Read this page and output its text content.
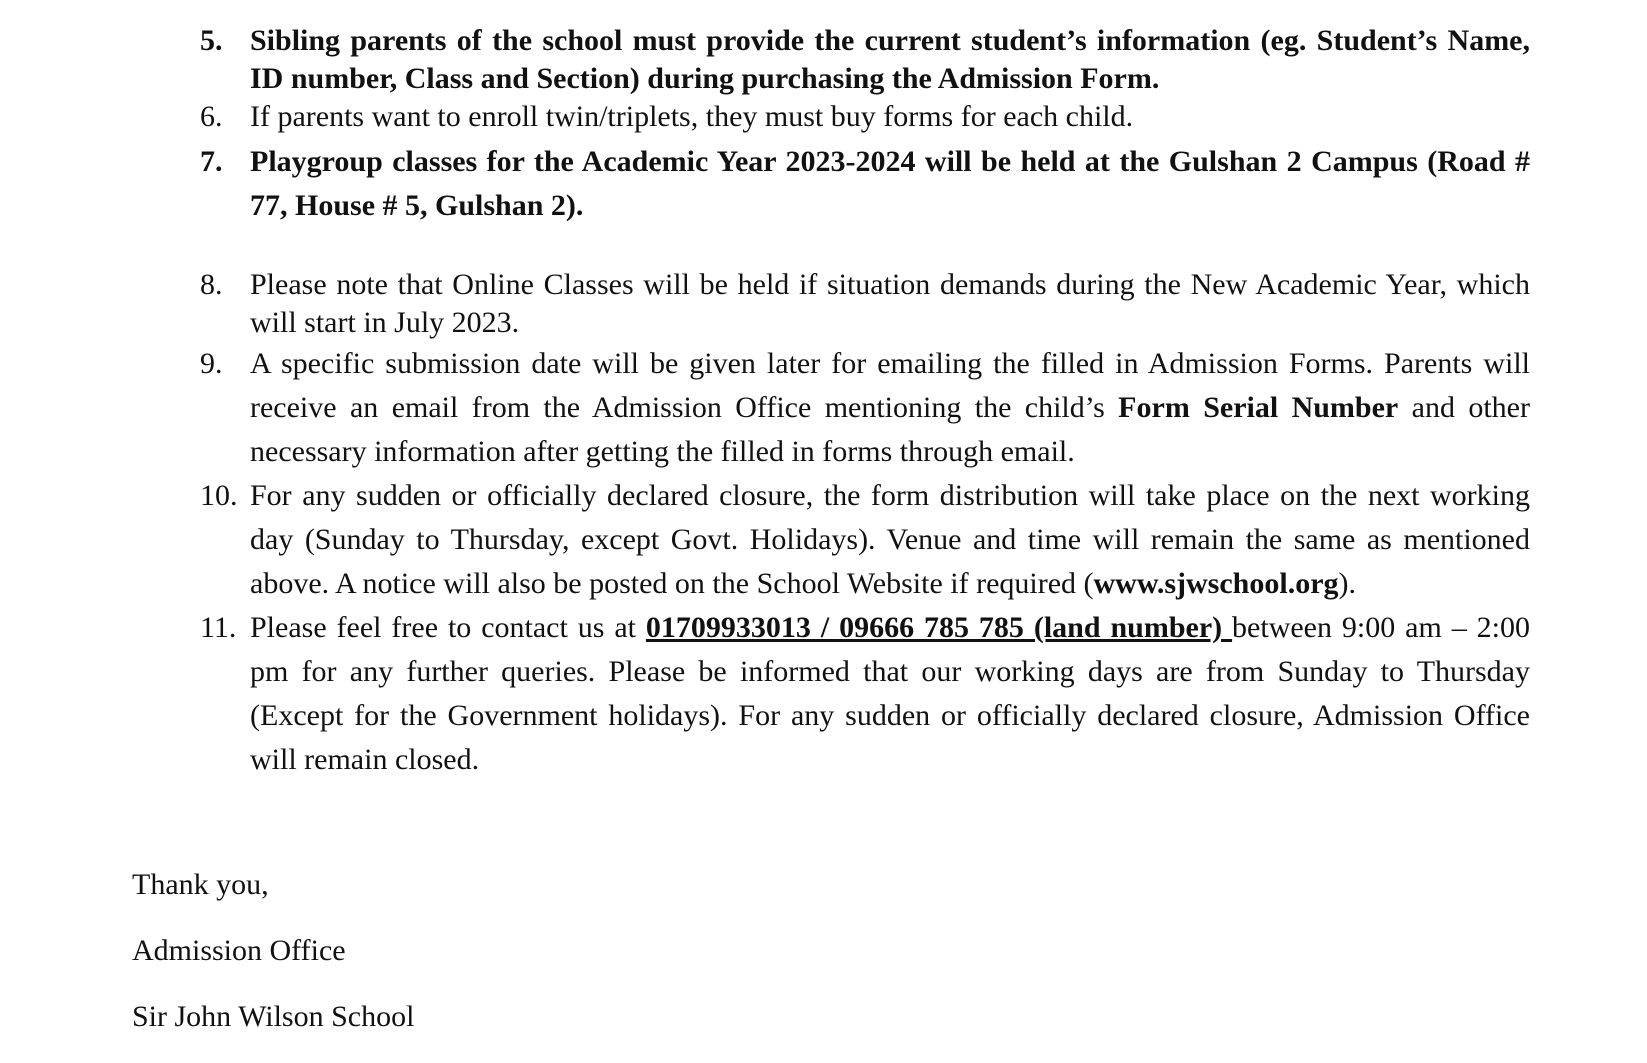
5. Sibling parents of the school must provide the current student’s information (eg. Student’s Name, ID number, Class and Section) during purchasing the Admission Form.
6. If parents want to enroll twin/triplets, they must buy forms for each child.
7. Playgroup classes for the Academic Year 2023-2024 will be held at the Gulshan 2 Campus (Road # 77, House # 5, Gulshan 2).
8. Please note that Online Classes will be held if situation demands during the New Academic Year, which will start in July 2023.
9. A specific submission date will be given later for emailing the filled in Admission Forms. Parents will receive an email from the Admission Office mentioning the child’s Form Serial Number and other necessary information after getting the filled in forms through email.
10. For any sudden or officially declared closure, the form distribution will take place on the next working day (Sunday to Thursday, except Govt. Holidays). Venue and time will remain the same as mentioned above. A notice will also be posted on the School Website if required (www.sjwschool.org).
11. Please feel free to contact us at 01709933013 / 09666 785 785 (land number) between 9:00 am – 2:00 pm for any further queries. Please be informed that our working days are from Sunday to Thursday (Except for the Government holidays). For any sudden or officially declared closure, Admission Office will remain closed.
Thank you,
Admission Office
Sir John Wilson School
